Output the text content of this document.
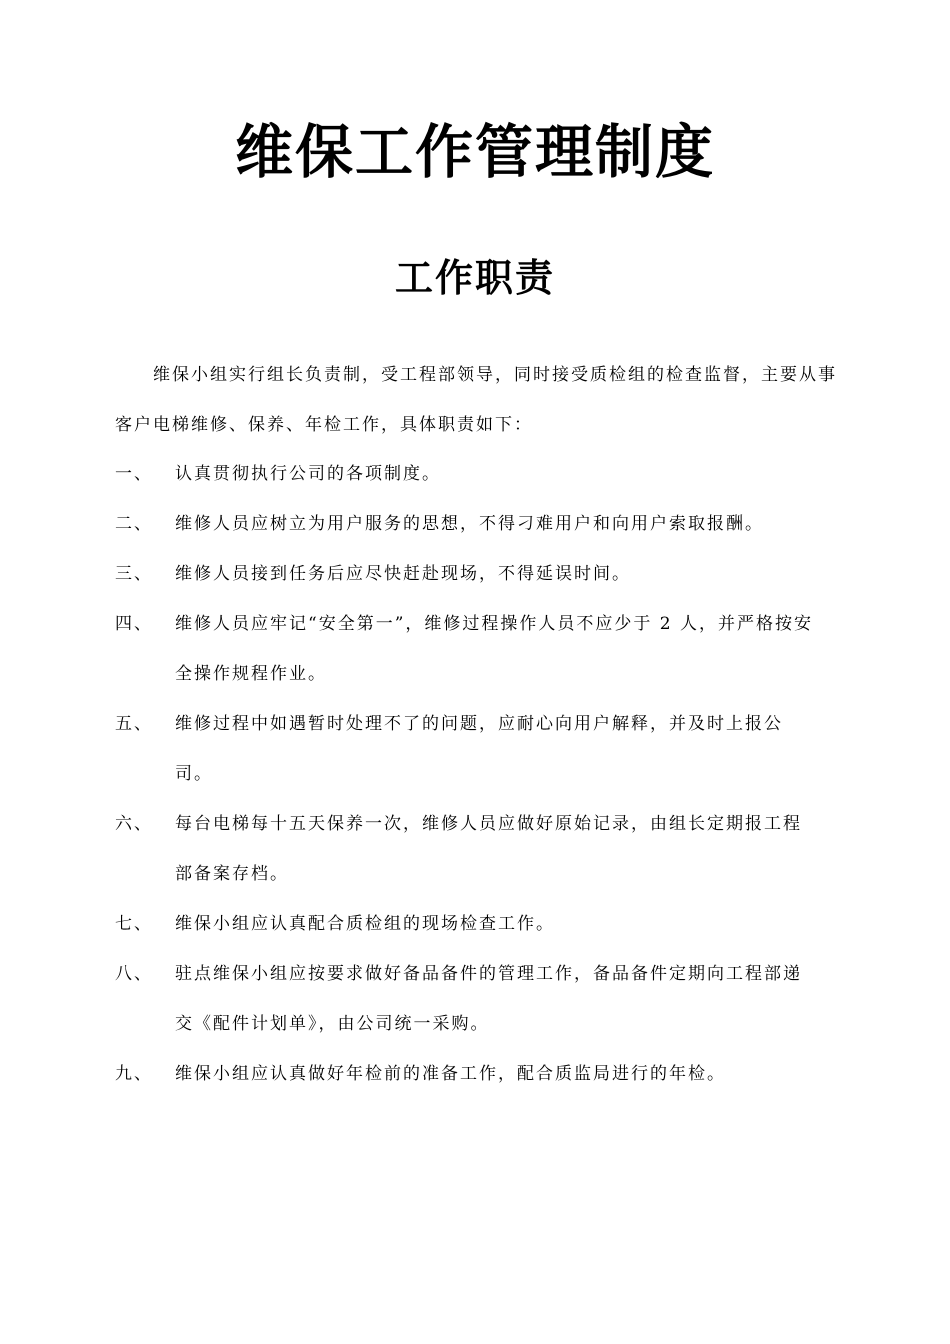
维保工作管理制度
工作职责

维保小组实行组长负责制，受工程部领导，同时接受质检组的检查监督，主要从事客户电梯维修、保养、年检工作，具体职责如下：

一、	认真贯彻执行公司的各项制度。
二、	维修人员应树立为用户服务的思想，不得刁难用户和向用户索取报酬。
三、	维修人员接到任务后应尽快赶赴现场，不得延误时间。
四、	维修人员应牢记“安全第一”，维修过程操作人员不应少于 2 人，并严格按安全操作规程作业。
五、	维修过程中如遇暂时处理不了的问题，应耐心向用户解释，并及时上报公司。
六、	每台电梯每十五天保养一次，维修人员应做好原始记录，由组长定期报工程部备案存档。
七、	维保小组应认真配合质检组的现场检查工作。
八、	驻点维保小组应按要求做好备品备件的管理工作，备品备件定期向工程部递交《配件计划单》，由公司统一采购。
九、	维保小组应认真做好年检前的准备工作，配合质监局进行的年检。
